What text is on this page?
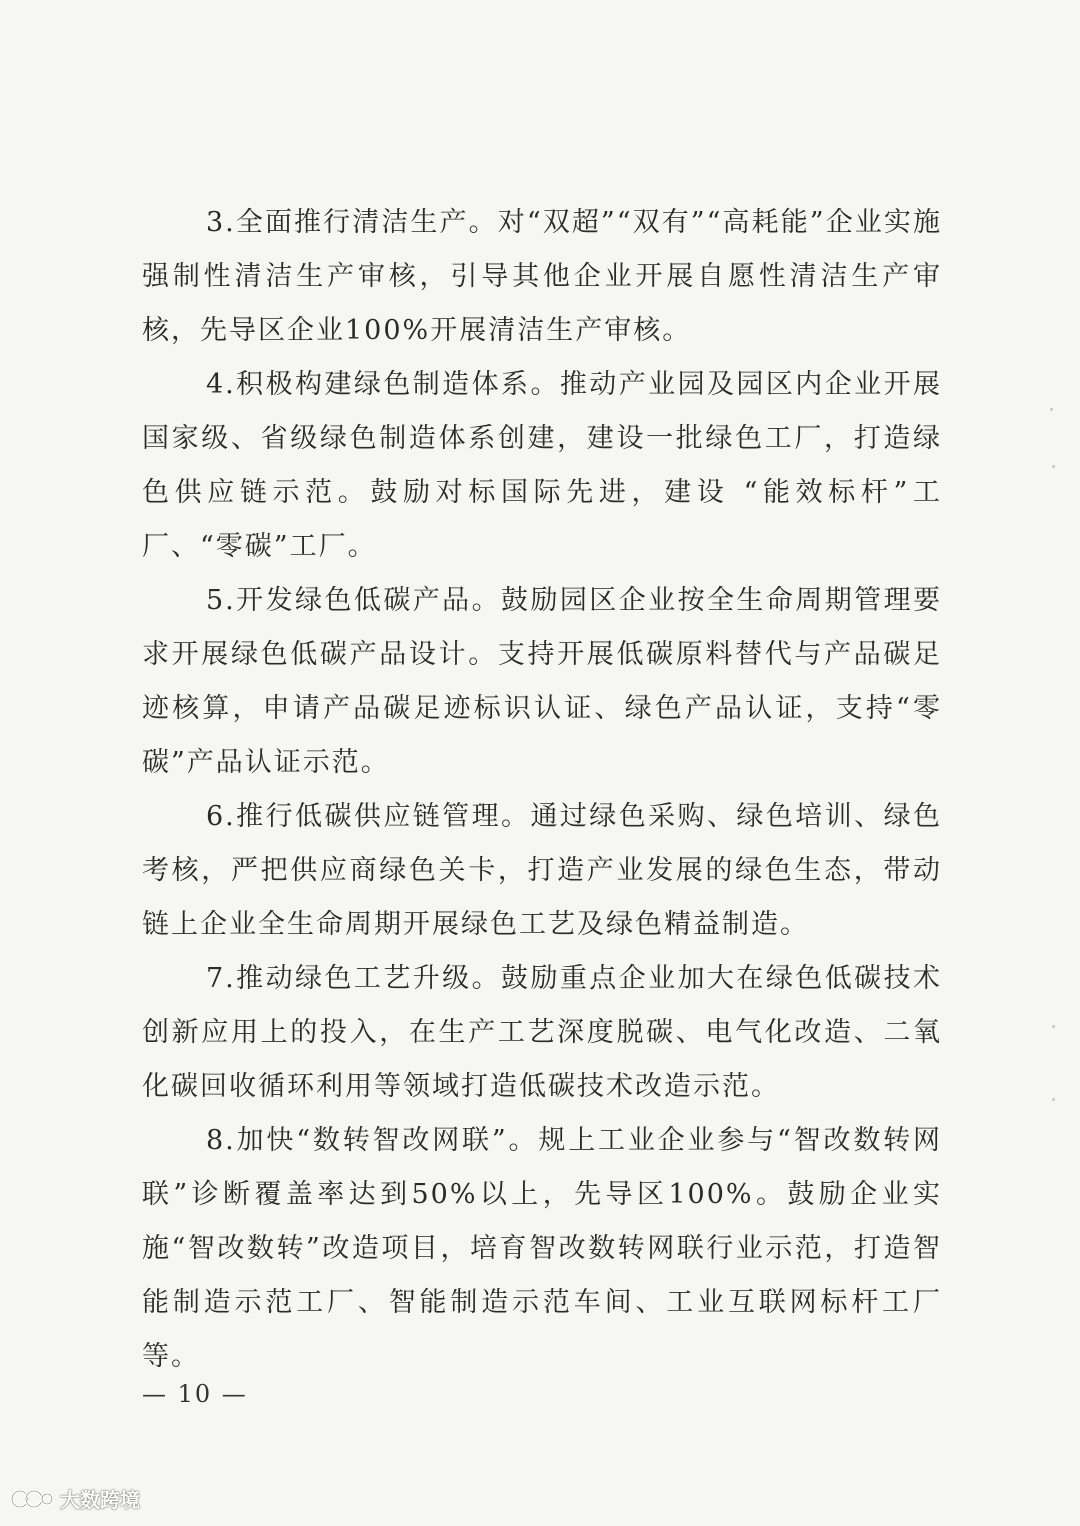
3.全面推行清洁生产。对“双超”“双有”“高耗能”企业实施强制性清洁生产审核，引导其他企业开展自愿性清洁生产审核，先导区企业100%开展清洁生产审核。

4.积极构建绿色制造体系。推动产业园及园区内企业开展国家级、省级绿色制造体系创建，建设一批绿色工厂，打造绿色供应链示范。鼓励对标国际先进，建设 “能效标杆”工厂、“零碳”工厂。

5.开发绿色低碳产品。鼓励园区企业按全生命周期管理要求开展绿色低碳产品设计。支持开展低碳原料替代与产品碳足迹核算，申请产品碳足迹标识认证、绿色产品认证，支持“零碳”产品认证示范。

6.推行低碳供应链管理。通过绿色采购、绿色培训、绿色考核，严把供应商绿色关卡，打造产业发展的绿色生态，带动链上企业全生命周期开展绿色工艺及绿色精益制造。

7.推动绿色工艺升级。鼓励重点企业加大在绿色低碳技术创新应用上的投入，在生产工艺深度脱碳、电气化改造、二氧化碳回收循环利用等领域打造低碳技术改造示范。

8.加快“数转智改网联”。规上工业企业参与“智改数转网联”诊断覆盖率达到50%以上，先导区100%。鼓励企业实施“智改数转”改造项目，培育智改数转网联行业示范，打造智能制造示范工厂、智能制造示范车间、工业互联网标杆工厂等。

— 10 —
大数跨境
